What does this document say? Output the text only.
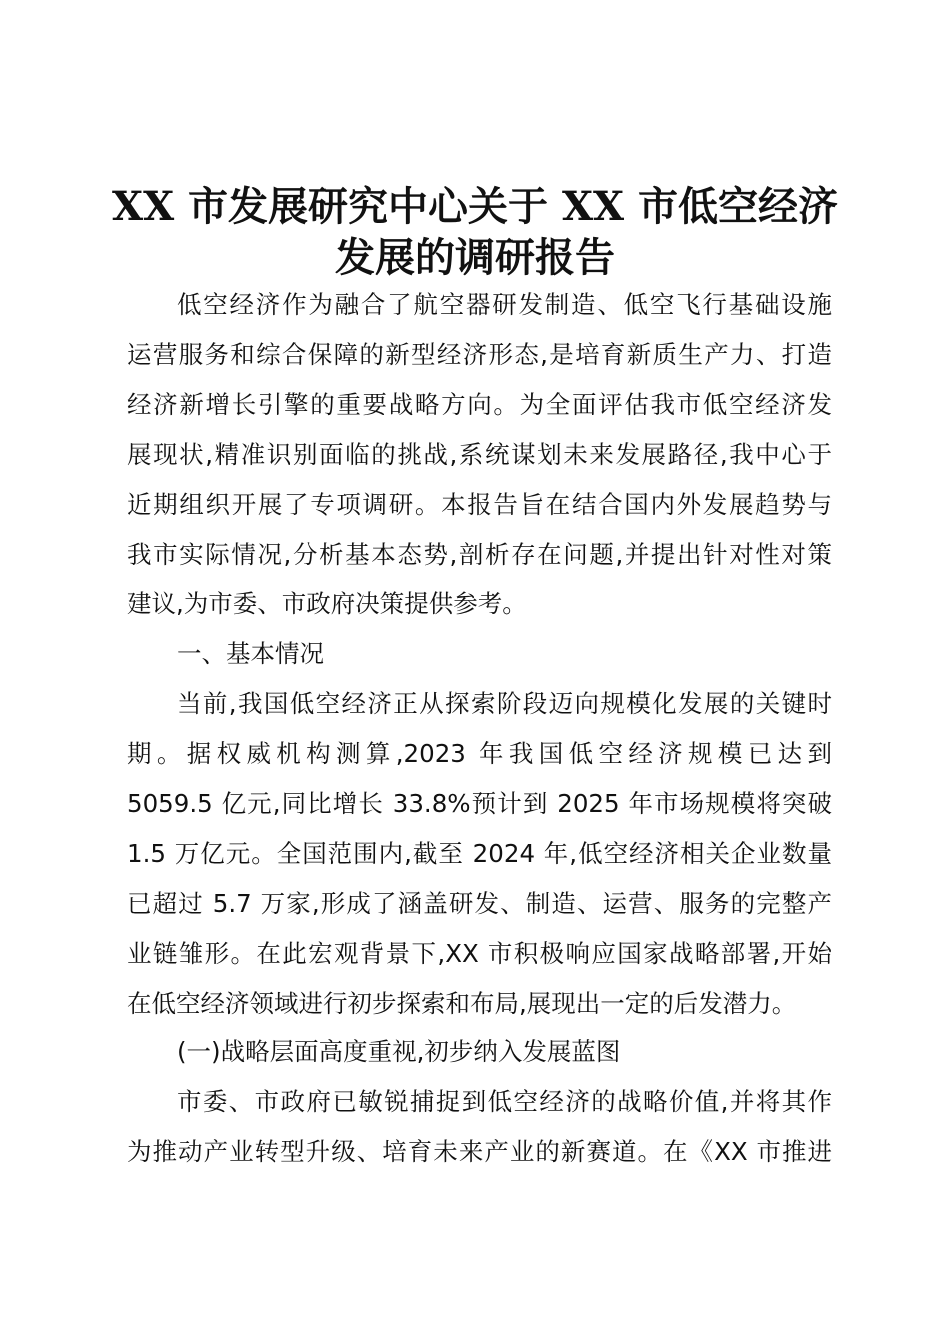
XX 市发展研究中心关于 XX 市低空经济
发展的调研报告
低空经济作为融合了航空器研发制造、低空飞行基础设施
运营服务和综合保障的新型经济形态,是培育新质生产力、打造
经济新增长引擎的重要战略方向。为全面评估我市低空经济发
展现状,精准识别面临的挑战,系统谋划未来发展路径,我中心于
近期组织开展了专项调研。本报告旨在结合国内外发展趋势与
我市实际情况,分析基本态势,剖析存在问题,并提出针对性对策
建议,为市委、市政府决策提供参考。
一、基本情况
当前,我国低空经济正从探索阶段迈向规模化发展的关键时
期。据权威机构测算,2023 年我国低空经济规模已达到
5059.5 亿元,同比增长 33.8%预计到 2025 年市场规模将突破
1.5 万亿元。全国范围内,截至 2024 年,低空经济相关企业数量
已超过 5.7 万家,形成了涵盖研发、制造、运营、服务的完整产
业链雏形。在此宏观背景下,XX 市积极响应国家战略部署,开始
在低空经济领域进行初步探索和布局,展现出一定的后发潜力。
(一)战略层面高度重视,初步纳入发展蓝图
市委、市政府已敏锐捕捉到低空经济的战略价值,并将其作
为推动产业转型升级、培育未来产业的新赛道。在《XX 市推进
